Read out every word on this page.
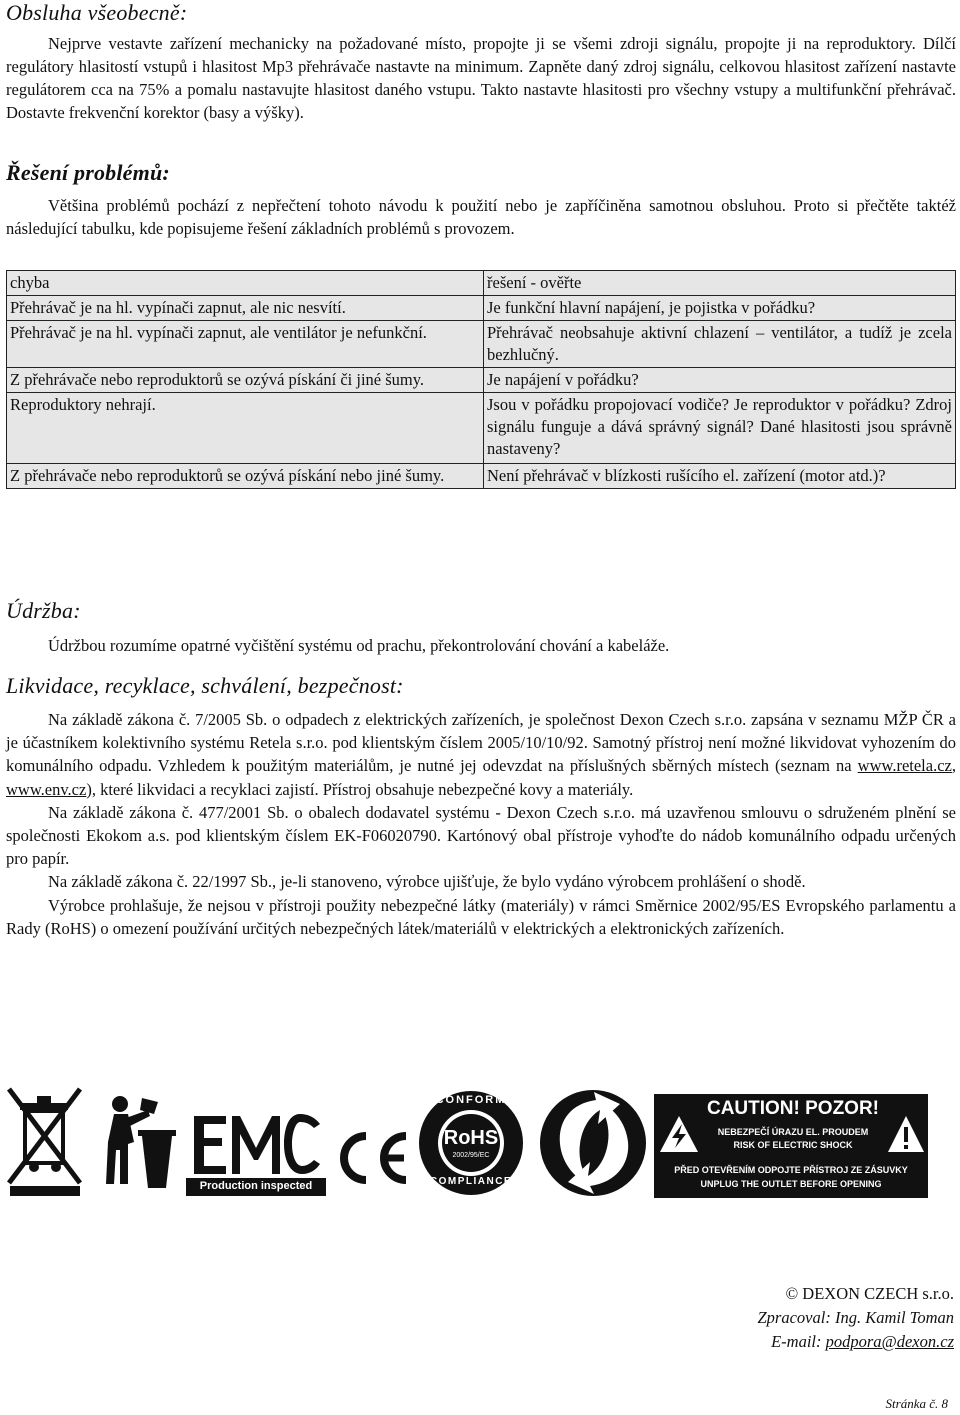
Obsluha všeobecně:

Nejprve vestavte zařízení mechanicky na požadované místo, propojte ji se všemi zdroji signálu, propojte ji na reproduktory. Dílčí regulátory hlasitostí vstupů i hlasitost Mp3 přehrávače nastavte na minimum. Zapněte daný zdroj signálu, celkovou hlasitost zařízení nastavte regulátorem cca na 75% a pomalu nastavujte hlasitost daného vstupu. Takto nastavte hlasitosti pro všechny vstupy a multifunkční přehrávač. Dostavte frekvenční korektor (basy a výšky).

Řešení problémů:

Většina problémů pochází z nepřečtení tohoto návodu k použití nebo je zapříčiněna samotnou obsluhou. Proto si přečtěte taktéž následující tabulku, kde popisujeme řešení základních problémů s provozem.

chyba	řešení - ověřte
Přehrávač je na hl. vypínači zapnut, ale nic nesvítí.	Je funkční hlavní napájení, je pojistka v pořádku?
Přehrávač je na hl. vypínači zapnut, ale ventilátor je nefunkční.	Přehrávač neobsahuje aktivní chlazení – ventilátor, a tudíž je zcela bezhlučný.
Z přehrávače nebo reproduktorů se ozývá pískání či jiné šumy.	Je napájení v pořádku?
Reproduktory nehrají.	Jsou v pořádku propojovací vodiče? Je reproduktor v pořádku? Zdroj signálu funguje a dává správný signál? Dané hlasitosti jsou správně nastaveny?
Z přehrávače nebo reproduktorů se ozývá pískání nebo jiné šumy.	Není přehrávač v blízkosti rušícího el. zařízení (motor atd.)?
Údržba:

Údržbou rozumíme opatrné vyčištění systému od prachu, překontrolování chování a kabeláže.

Likvidace, recyklace, schválení, bezpečnost:

Na základě zákona č. 7/2005 Sb. o odpadech z elektrických zařízeních, je společnost Dexon Czech s.r.o. zapsána v seznamu MŽP ČR a je účastníkem kolektivního systému Retela s.r.o. pod klientským číslem 2005/10/10/92. Samotný přístroj není možné likvidovat vyhozením do komunálního odpadu. Vzhledem k použitým materiálům, je nutné jej odevzdat na příslušných sběrných místech (seznam na www.retela.cz, www.env.cz), které likvidaci a recyklaci zajistí. Přístroj obsahuje nebezpečné kovy a materiály.

Na základě zákona č. 477/2001 Sb. o obalech dodavatel systému - Dexon Czech s.r.o. má uzavřenou smlouvu o sdruženém plnění se společnosti Ekokom a.s. pod klientským číslem EK-F06020790. Kartónový obal přístroje vyhoďte do nádob komunálního odpadu určených pro papír.

Na základě zákona č. 22/1997 Sb., je-li stanoveno, výrobce ujišťuje, že bylo vydáno výrobcem prohlášení o shodě.

Výrobce prohlašuje, že nejsou v přístroji použity nebezpečné látky (materiály) v rámci Směrnice 2002/95/ES Evropského parlamentu a Rady (RoHS) o omezení používání určitých nebezpečných látek/materiálů v elektrických a elektronických zařízeních.

Production inspected
CONFORM
RoHS
2002/95/EC
COMPLIANCE
CAUTION! POZOR!
NEBEZPEČÍ ÚRAZU EL. PROUDEM
RISK OF ELECTRIC SHOCK
PŘED OTEVŘENÍM ODPOJTE PŘÍSTROJ ZE ZÁSUVKY
UNPLUG THE OUTLET BEFORE OPENING
© DEXON CZECH s.r.o.
Zpracoval: Ing. Kamil Toman
E-mail: podpora@dexon.cz
Stránka č. 8
